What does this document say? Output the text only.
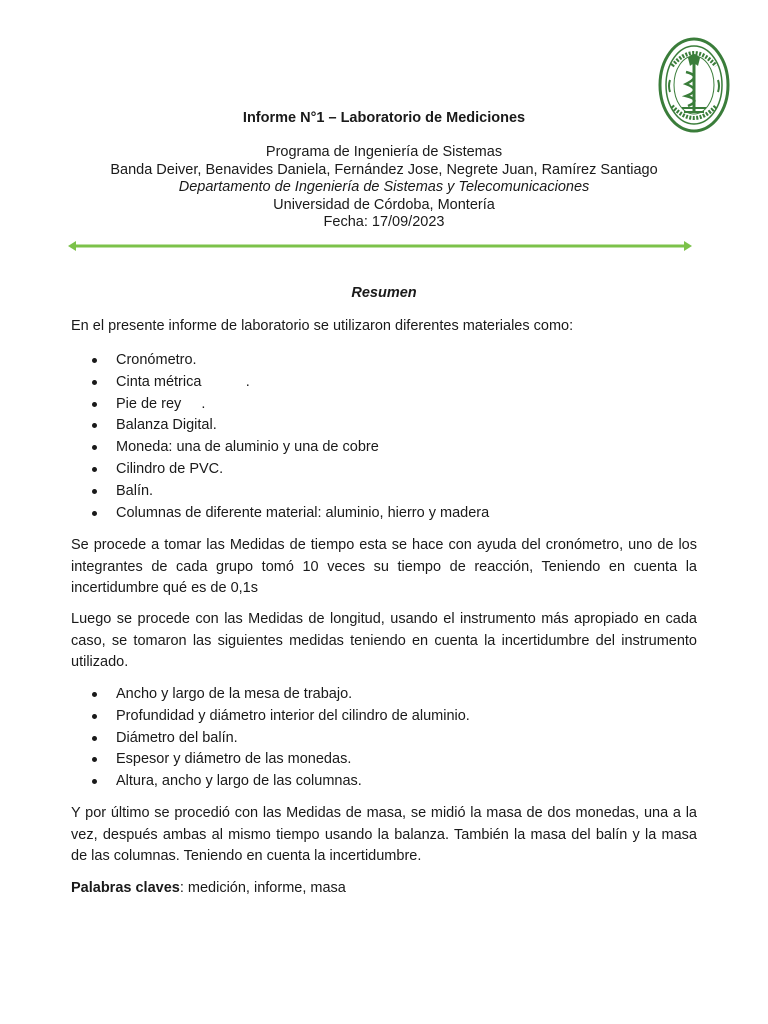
Informe N°1 – Laboratorio de Mediciones
Programa de Ingeniería de Sistemas
Banda Deiver, Benavides Daniela, Fernández Jose, Negrete Juan, Ramírez Santiago
Departamento de Ingeniería de Sistemas y Telecomunicaciones
Universidad de Córdoba, Montería
Fecha: 17/09/2023
Resumen
En el presente informe de laboratorio se utilizaron diferentes materiales como:
Cronómetro.
Cinta métrica           .
Pie de rey     .
Balanza Digital.
Moneda: una de aluminio y una de cobre
Cilindro de PVC.
Balín.
Columnas de diferente material: aluminio, hierro y madera
Se procede a tomar las Medidas de tiempo esta se hace con ayuda del cronómetro, uno de los integrantes de cada grupo tomó 10 veces su tiempo de reacción, Teniendo en cuenta la incertidumbre qué es de 0,1s
Luego se procede con las Medidas de longitud, usando el instrumento más apropiado en cada caso, se tomaron las siguientes medidas teniendo en cuenta la incertidumbre del instrumento utilizado.
Ancho y largo de la mesa de trabajo.
Profundidad y diámetro interior del cilindro de aluminio.
Diámetro del balín.
Espesor y diámetro de las monedas.
Altura, ancho y largo de las columnas.
Y por último se procedió con las Medidas de masa, se midió la masa de dos monedas, una a la vez, después ambas al mismo tiempo usando la balanza. También la masa del balín y la masa de las columnas. Teniendo en cuenta la incertidumbre.
Palabras claves: medición, informe, masa
